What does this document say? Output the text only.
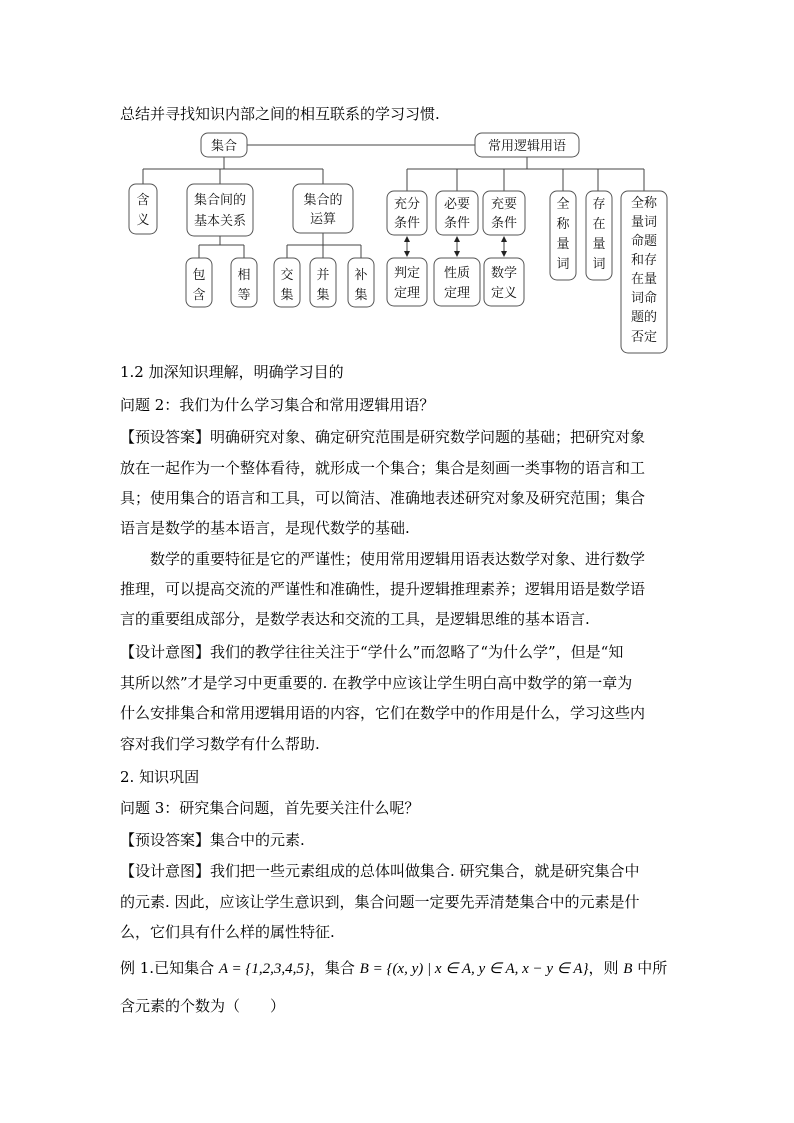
总结并寻找知识内部之间的相互联系的学习习惯.
集合	常用逻辑用语
含
义
集合间的
基本关系
集合的
运算
包
含
相
等
交
集
并
集
补
集
充分
条件
必要
条件
充要
条件
判定
定理
性质
定理
数学
定义
全
称
量
词
存
在
量
词
全称
量词
命题
和存
在量
词命
题的
否定
1.2 加深知识理解，明确学习目的
问题 2：我们为什么学习集合和常用逻辑用语？
【预设答案】明确研究对象、确定研究范围是研究数学问题的基础；把研究对象
放在一起作为一个整体看待，就形成一个集合；集合是刻画一类事物的语言和工
具；使用集合的语言和工具，可以简洁、准确地表述研究对象及研究范围；集合
语言是数学的基本语言，是现代数学的基础.
数学的重要特征是它的严谨性；使用常用逻辑用语表达数学对象、进行数学
推理，可以提高交流的严谨性和准确性，提升逻辑推理素养；逻辑用语是数学语
言的重要组成部分，是数学表达和交流的工具，是逻辑思维的基本语言.
【设计意图】我们的教学往往关注于“学什么”而忽略了“为什么学”，但是“知
其所以然”才是学习中更重要的. 在教学中应该让学生明白高中数学的第一章为
什么安排集合和常用逻辑用语的内容，它们在数学中的作用是什么，学习这些内
容对我们学习数学有什么帮助.
2. 知识巩固
问题 3：研究集合问题，首先要关注什么呢？
【预设答案】集合中的元素.
【设计意图】我们把一些元素组成的总体叫做集合. 研究集合，就是研究集合中
的元素. 因此，应该让学生意识到，集合问题一定要先弄清楚集合中的元素是什
么，它们具有什么样的属性特征.
例 1.已知集合 A = {1,2,3,4,5}，集合 B = {(x, y) | x ∈ A, y ∈ A, x − y ∈ A}，则 B 中所
含元素的个数为（　　）
